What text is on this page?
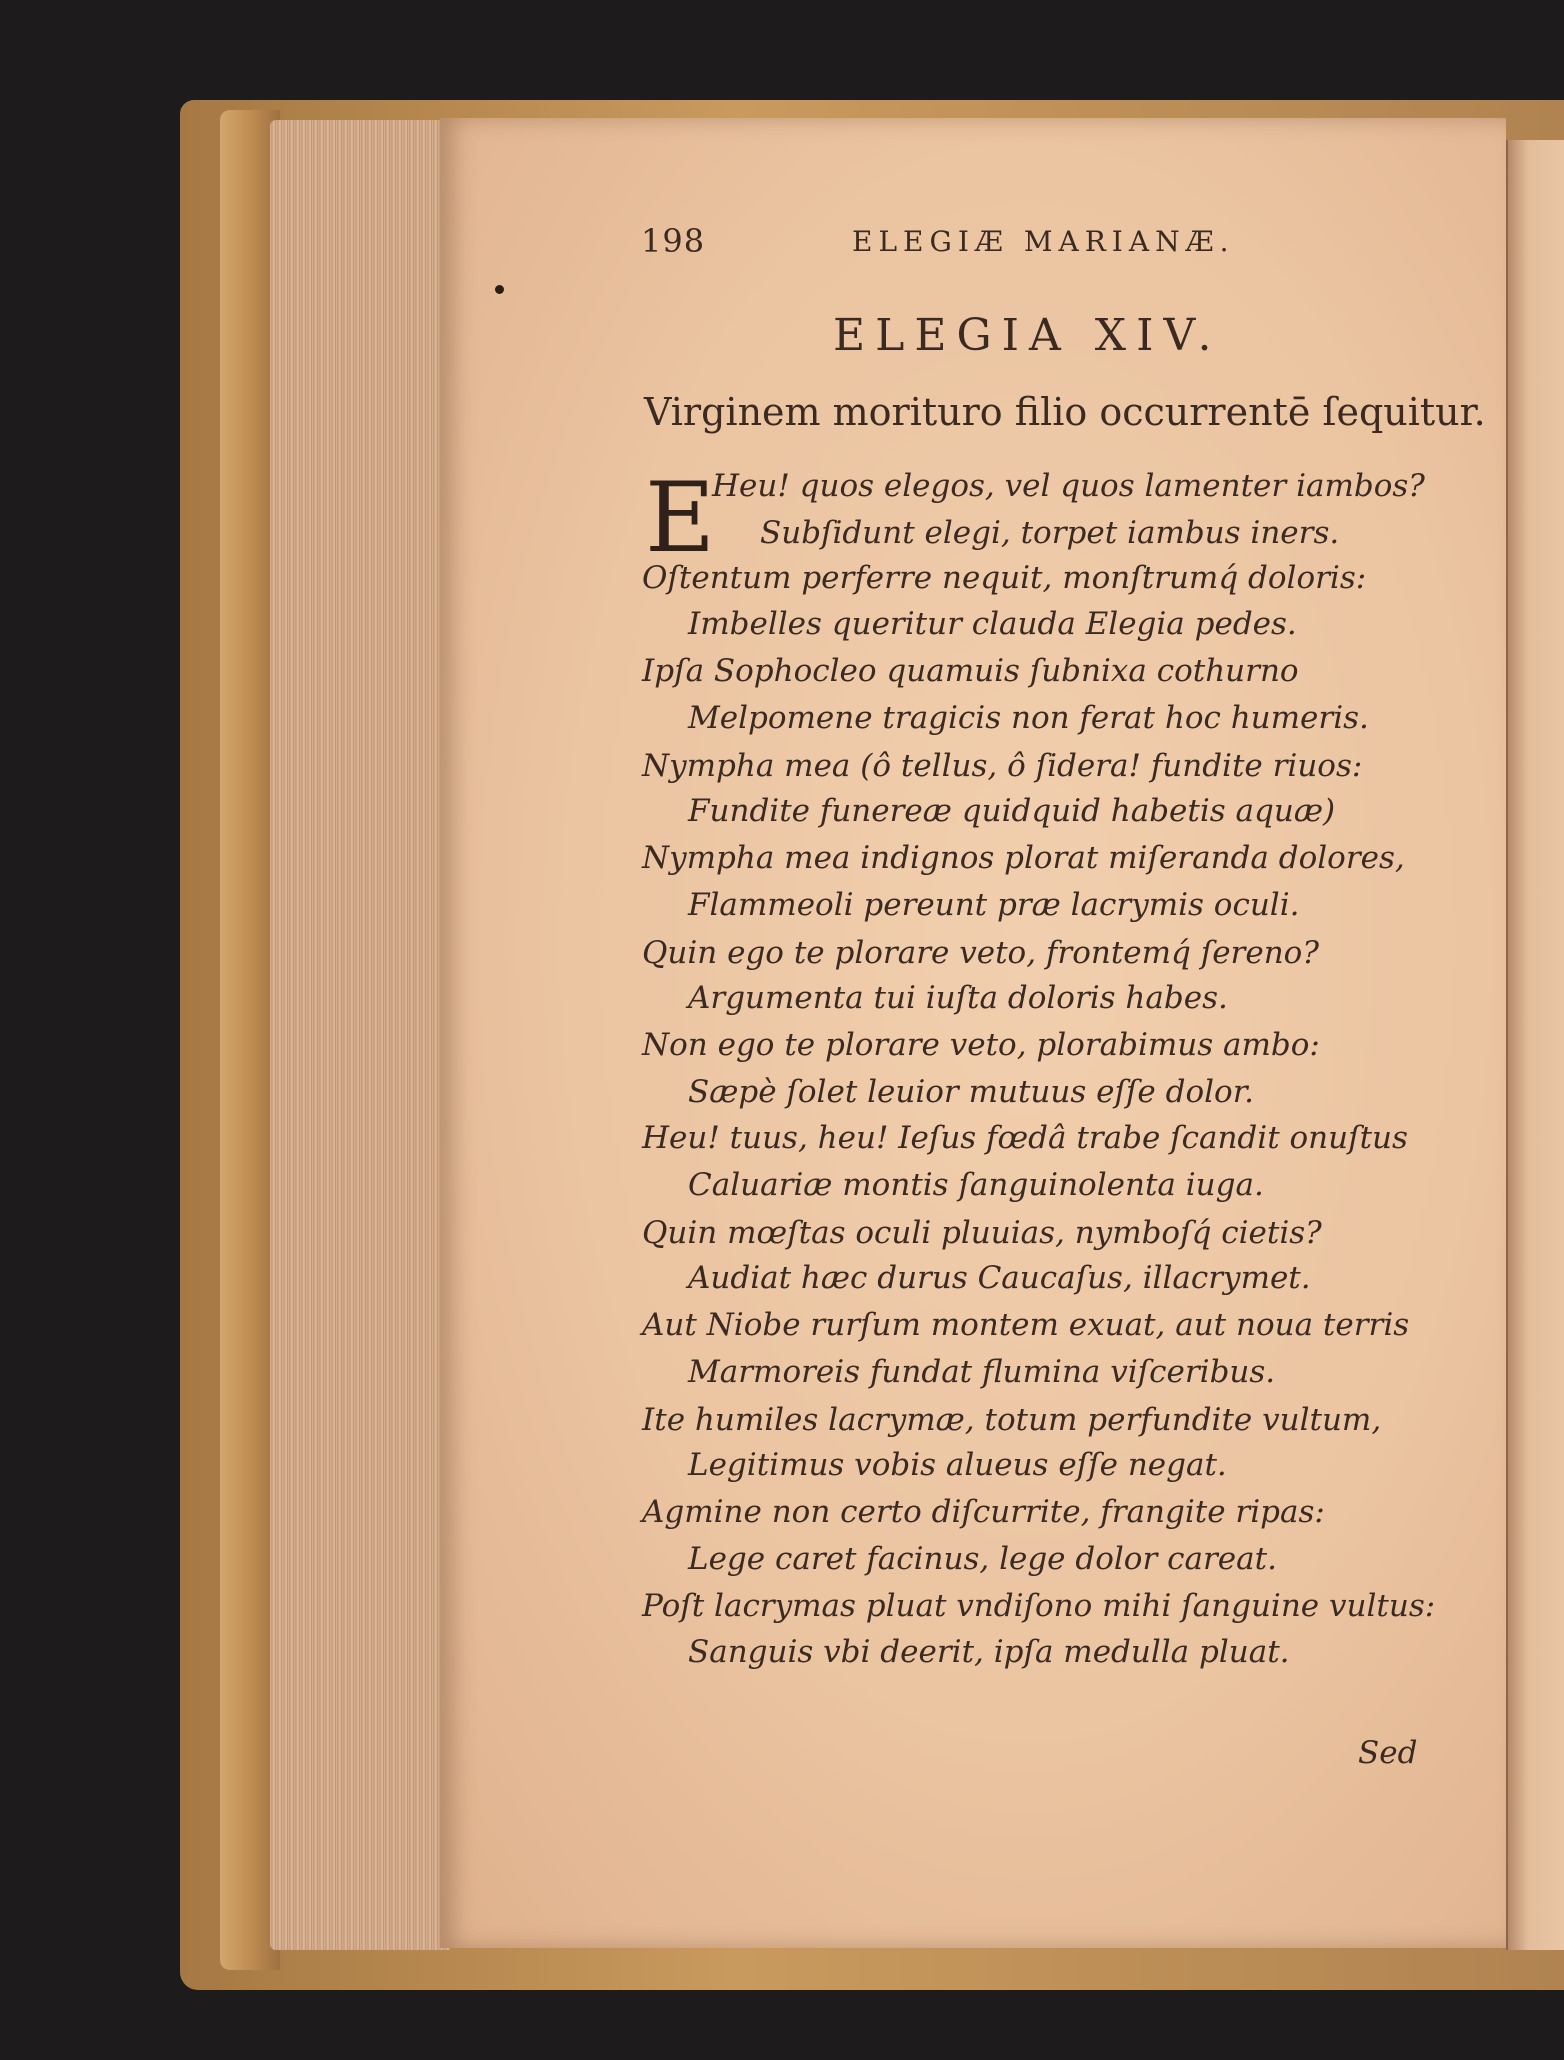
198	ELEGIÆ MARIANÆ.
ELEGIA XIV.
Virginem morituro filio occurrentē ſequitur.
E
Heu! quos elegos, vel quos lamenter iambos?
Subſidunt elegi, torpet iambus iners.
Oſtentum perferre nequit, monſtrumq́ doloris:
Imbelles queritur clauda Elegia pedes.
Ipſa Sophocleo quamuis ſubnixa cothurno
Melpomene tragicis non ferat hoc humeris.
Nympha mea (ô tellus, ô ſidera! fundite riuos:
Fundite funereæ quidquid habetis aquæ)
Nympha mea indignos plorat miſeranda dolores,
Flammeoli pereunt præ lacrymis oculi.
Quin ego te plorare veto, frontemq́ ſereno?
Argumenta tui iuſta doloris habes.
Non ego te plorare veto, plorabimus ambo:
Sæpè ſolet leuior mutuus eſſe dolor.
Heu! tuus, heu! Ieſus fœdâ trabe ſcandit onuſtus
Caluariæ montis ſanguinolenta iuga.
Quin mœſtas oculi pluuias, nymboſq́ cietis?
Audiat hæc durus Caucaſus, illacrymet.
Aut Niobe rurſum montem exuat, aut noua terris
Marmoreis fundat flumina viſceribus.
Ite humiles lacrymæ, totum perfundite vultum,
Legitimus vobis alueus eſſe negat.
Agmine non certo diſcurrite, frangite ripas:
Lege caret facinus, lege dolor careat.
Poſt lacrymas pluat vndiſono mihi ſanguine vultus:
Sanguis vbi deerit, ipſa medulla pluat.
Sed
